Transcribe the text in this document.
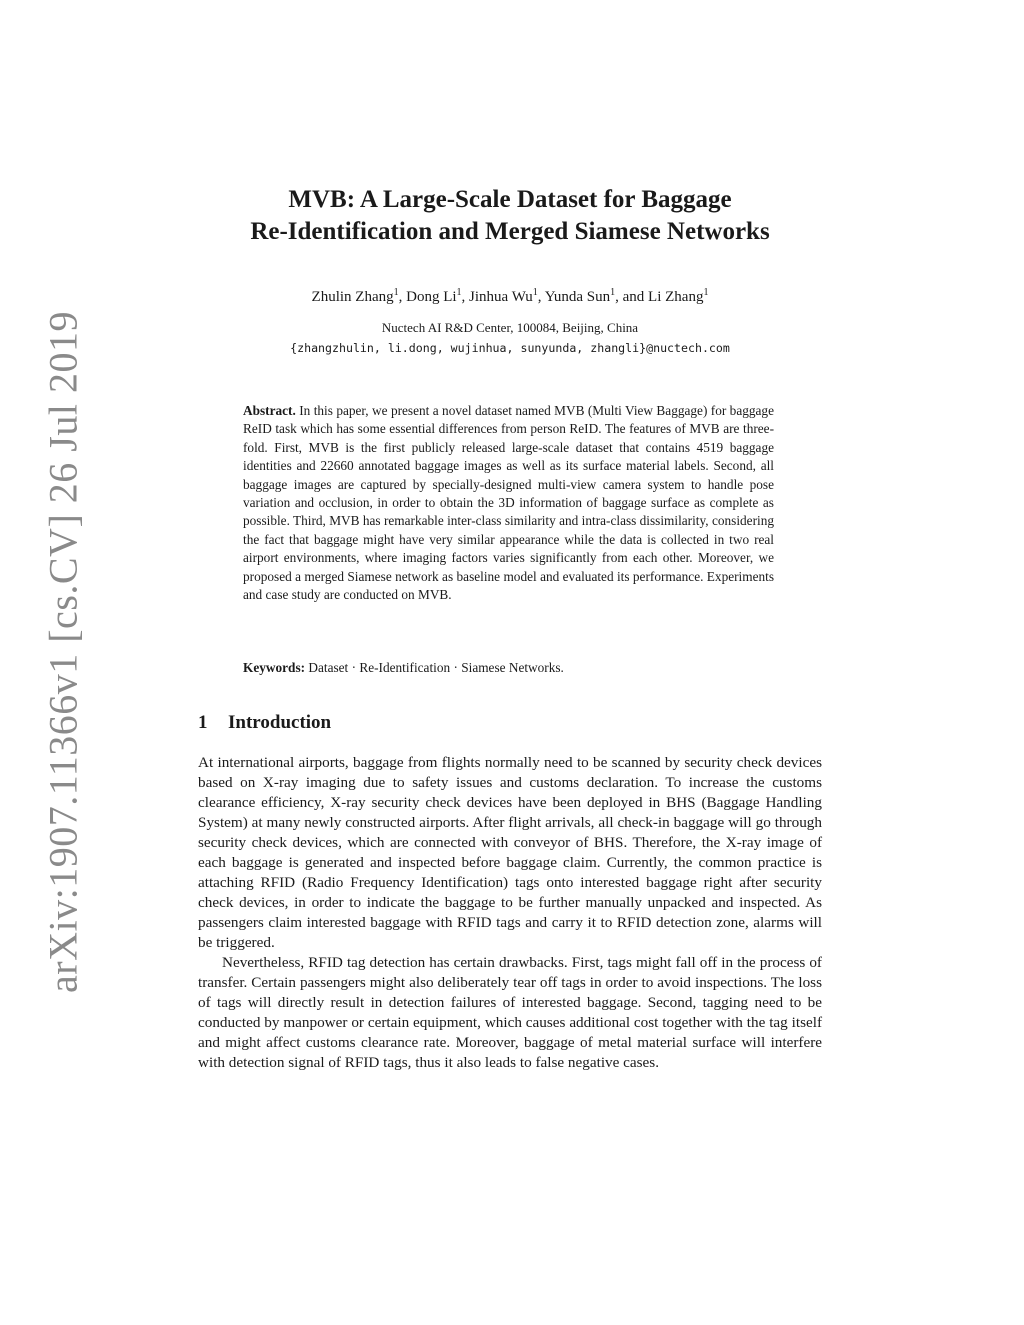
arXiv:1907.11366v1 [cs.CV] 26 Jul 2019
MVB: A Large-Scale Dataset for Baggage
Re-Identification and Merged Siamese Networks
Zhulin Zhang$^1$, Dong Li$^1$, Jinhua Wu$^1$, Yunda Sun$^1$, and Li Zhang$^1$
Nuctech AI R&D Center, 100084, Beijing, China
{zhangzhulin, li.dong, wujinhua, sunyunda, zhangli}@nuctech.com

Abstract. In this paper, we present a novel dataset named MVB (Multi View Baggage) for baggage ReID task which has some essential differences from person ReID. The features of MVB are three-fold. First, MVB is the first publicly released large-scale dataset that contains 4519 baggage identities and 22660 annotated baggage images as well as its surface material labels. Second, all baggage images are captured by specially-designed multi-view camera system to handle pose variation and occlusion, in order to obtain the 3D information of baggage surface as complete as possible. Third, MVB has remarkable inter-class similarity and intra-class dissimilarity, considering the fact that baggage might have very similar appearance while the data is collected in two real airport environments, where imaging factors varies significantly from each other. Moreover, we proposed a merged Siamese network as baseline model and evaluated its performance. Experiments and case study are conducted on MVB.

Keywords: Dataset · Re-Identification · Siamese Networks.
1 Introduction

At international airports, baggage from flights normally need to be scanned by security check devices based on X-ray imaging due to safety issues and customs declaration. To increase the customs clearance efficiency, X-ray security check devices have been deployed in BHS (Baggage Handling System) at many newly constructed airports. After flight arrivals, all check-in baggage will go through security check devices, which are connected with conveyor of BHS. Therefore, the X-ray image of each baggage is generated and inspected before baggage claim. Currently, the common practice is attaching RFID (Radio Frequency Identification) tags onto interested baggage right after security check devices, in order to indicate the baggage to be further manually unpacked and inspected. As passengers claim interested baggage with RFID tags and carry it to RFID detection zone, alarms will be triggered.

Nevertheless, RFID tag detection has certain drawbacks. First, tags might fall off in the process of transfer. Certain passengers might also deliberately tear off tags in order to avoid inspections. The loss of tags will directly result in detection failures of interested baggage. Second, tagging need to be conducted by manpower or certain equipment, which causes additional cost together with the tag itself and might affect customs clearance rate. Moreover, baggage of metal material surface will interfere with detection signal of RFID tags, thus it also leads to false negative cases.
